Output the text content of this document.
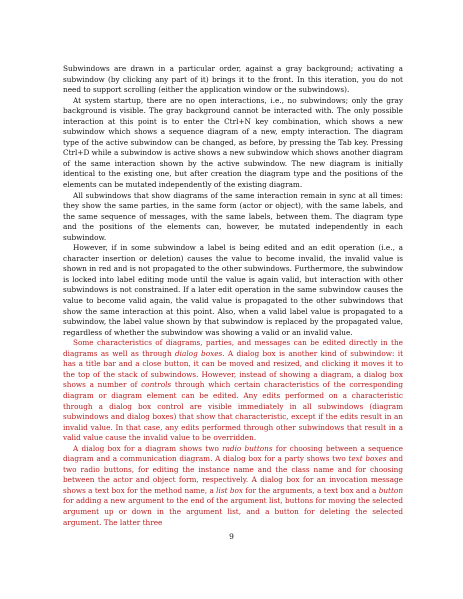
Subwindows are drawn in a particular order, against a gray background; activating a subwindow (by clicking any part of it) brings it to the front. In this iteration, you do not need to support scrolling (either the application window or the subwindows).

At system startup, there are no open interactions, i.e., no subwindows; only the gray background is visible. The gray background cannot be interacted with. The only possible interaction at this point is to enter the Ctrl+N key combination, which shows a new subwindow which shows a sequence diagram of a new, empty interaction. The diagram type of the active subwindow can be changed, as before, by pressing the Tab key. Pressing Ctrl+D while a subwindow is active shows a new subwindow which shows another diagram of the same interaction shown by the active subwindow. The new diagram is initially identical to the existing one, but after creation the diagram type and the positions of the elements can be mutated independently of the existing diagram.

All subwindows that show diagrams of the same interaction remain in sync at all times: they show the same parties, in the same form (actor or object), with the same labels, and the same sequence of messages, with the same labels, between them. The diagram type and the positions of the elements can, however, be mutated independently in each subwindow.

However, if in some subwindow a label is being edited and an edit operation (i.e., a character insertion or deletion) causes the value to become invalid, the invalid value is shown in red and is not propagated to the other subwindows. Furthermore, the subwindow is locked into label editing mode until the value is again valid, but interaction with other subwindows is not constrained. If a later edit operation in the same subwindow causes the value to become valid again, the valid value is propagated to the other subwindows that show the same interaction at this point. Also, when a valid label value is propagated to a subwindow, the label value shown by that subwindow is replaced by the propagated value, regardless of whether the subwindow was showing a valid or an invalid value.

Some characteristics of diagrams, parties, and messages can be edited directly in the diagrams as well as through dialog boxes. A dialog box is another kind of subwindow: it has a title bar and a close button, it can be moved and resized, and clicking it moves it to the top of the stack of subwindows. However, instead of showing a diagram, a dialog box shows a number of controls through which certain characteristics of the corresponding diagram or diagram element can be edited. Any edits performed on a characteristic through a dialog box control are visible immediately in all subwindows (diagram subwindows and dialog boxes) that show that characteristic, except if the edits result in an invalid value. In that case, any edits performed through other subwindows that result in a valid value cause the invalid value to be overridden.

A dialog box for a diagram shows two radio buttons for choosing between a sequence diagram and a communication diagram. A dialog box for a party shows two text boxes and two radio buttons, for editing the instance name and the class name and for choosing between the actor and object form, respectively. A dialog box for an invocation message shows a text box for the method name, a list box for the arguments, a text box and a button for adding a new argument to the end of the argument list, buttons for moving the selected argument up or down in the argument list, and a button for deleting the selected argument. The latter three

9
